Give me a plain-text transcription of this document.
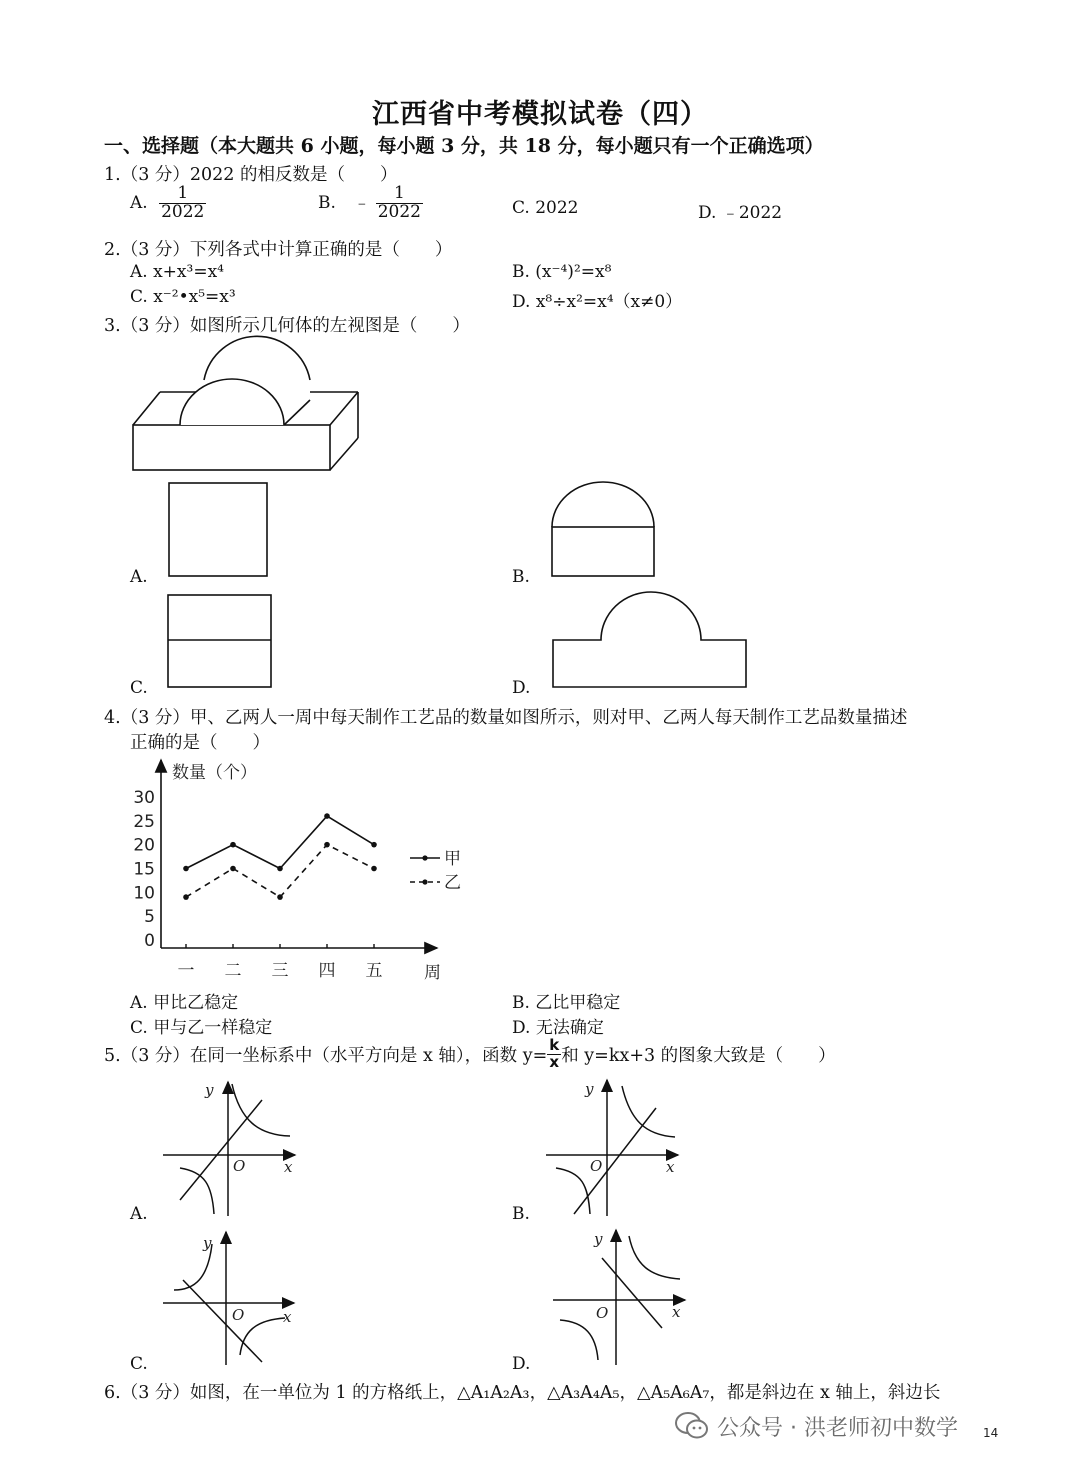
江西省中考模拟试卷（四）
一、选择题（本大题共 6 小题，每小题 3 分，共 18 分，每小题只有一个正确选项）
1.（3 分）2022 的相反数是（　　）
A. $\frac{1}{2022}$	B. ﹣ $\frac{1}{2022}$	C. 2022	D. ﹣2022
2.（3 分）下列各式中计算正确的是（　　）
A. x+x³=x⁴	B. (x⁻⁴)²=x⁸
C. x⁻²•x⁵=x³	D. x⁸÷x²=x⁴（x≠0）
3.（3 分）如图所示几何体的左视图是（　　）
A.	B.
C.	D.
4.（3 分）甲、乙两人一周中每天制作工艺品的数量如图所示，则对甲、乙两人每天制作工艺品数量描述
正确的是（　　）
数量（个）
周
0
5
10
15
20
25
30
一 二 三 四 五
甲
乙
A. 甲比乙稳定	B. 乙比甲稳定
C. 甲与乙一样稳定	D. 无法确定
5.（3 分）在同一坐标系中（水平方向是 x 轴），函数 $y= \frac{k}{x}$ 和 y=kx+3 的图象大致是（　　）
y
x
O
A.
y
x
O
B.
y
x
O
C.
y
x
O
D.
6.（3 分）如图，在一单位为 1 的方格纸上，△A₁A₂A₃，△A₃A₄A₅，△A₅A₆A₇，都是斜边在 x 轴上，斜边长
公众号 · 洪老师初中数学 14
